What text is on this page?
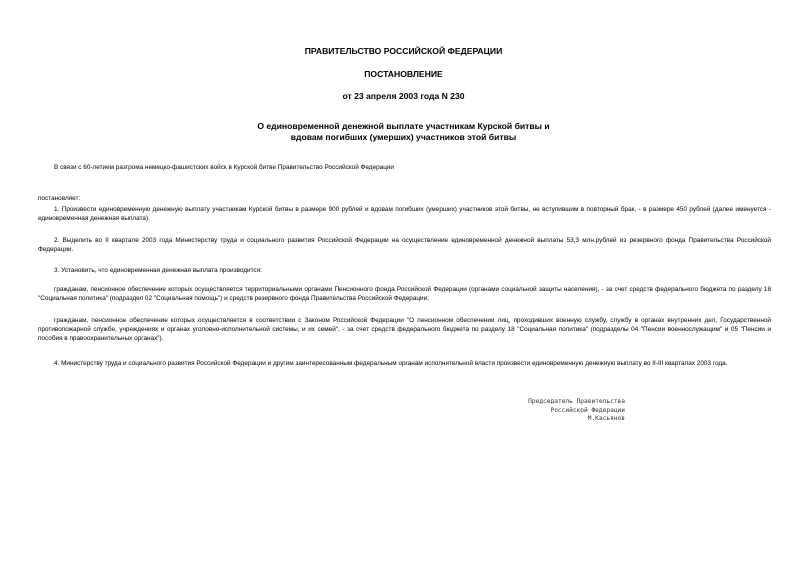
ПРАВИТЕЛЬСТВО РОССИЙСКОЙ ФЕДЕРАЦИИ
ПОСТАНОВЛЕНИЕ
от 23 апреля 2003 года N 230
О единовременной денежной выплате участникам Курской битвы и
вдовам погибших (умерших) участников этой битвы
В связи с 60-летием разгрома немецко-фашистских войск в Курской битве Правительство Российской Федерации
постановляет:
1. Произвести единовременную денежную выплату участникам Курской битвы в размере 900 рублей и вдовам погибших (умерших) участников этой битвы, не вступившим в повторный брак, - в размере 450 рублей (далее именуется - единовременная денежная выплата).
2. Выделить во II квартале 2003 года Министерству труда и социального развития Российской Федерации на осуществление единовременной денежной выплаты 53,3 млн.рублей из резервного фонда Правительства Российской Федерации.
3. Установить, что единовременная денежная выплата производится:
гражданам, пенсионное обеспечение которых осуществляется территориальными органами Пенсионного фонда Российской Федерации (органами социальной защиты населения), - за счет средств федерального бюджета по разделу 18 "Социальная политика" (подраздел 02 "Социальная помощь") и средств резервного фонда Правительства Российской Федерации;
гражданам, пенсионное обеспечение которых осуществляется в соответствии с Законом Российской Федерации "О пенсионном обеспечении лиц, проходивших военную службу, службу в органах внутренних дел, Государственной противопожарной службе, учреждениях и органах уголовно-исполнительной системы, и их семей", - за счет средств федерального бюджета по разделу 18 "Социальная политика" (подразделы 04 "Пенсии военнослужащим" и 05 "Пенсии и пособия в правоохранительных органах").
4. Министерству труда и социального развития Российской Федерации и другим заинтересованным федеральным органам исполнительной власти произвести единовременную денежную выплату во II-III кварталах 2003 года.
Председатель Правительства
Российской Федерации
М.Касьянов
